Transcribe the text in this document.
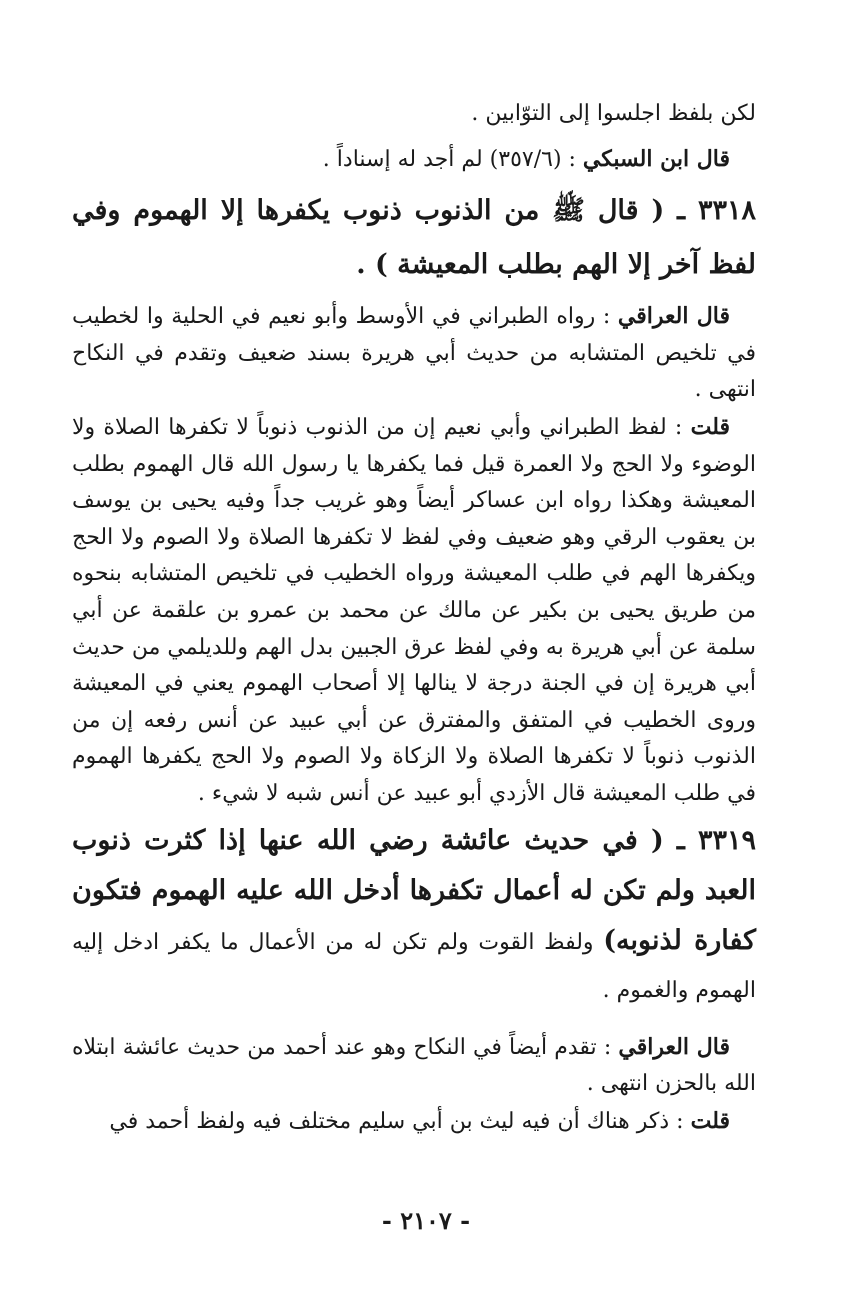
لكن بلفظ اجلسوا إلى التوّابين .

قال ابن السبكي : (٣٥٧/٦) لم أجد له إسناداً .

٣٣١٨ ـ ( قال ﷺ من الذنوب ذنوب يكفرها إلا الهموم وفي لفظ آخر إلا الهم بطلب المعيشة ) .

قال العراقي : رواه الطبراني في الأوسط وأبو نعيم في الحلية وا لخطيب في تلخيص المتشابه من حديث أبي هريرة بسند ضعيف وتقدم في النكاح انتهى .

قلت : لفظ الطبراني وأبي نعيم إن من الذنوب ذنوباً لا تكفرها الصلاة ولا الوضوء ولا الحج ولا العمرة قيل فما يكفرها يا رسول الله قال الهموم بطلب المعيشة وهكذا رواه ابن عساكر أيضاً وهو غريب جداً وفيه يحيى بن يوسف بن يعقوب الرقي وهو ضعيف وفي لفظ لا تكفرها الصلاة ولا الصوم ولا الحج ويكفرها الهم في طلب المعيشة ورواه الخطيب في تلخيص المتشابه بنحوه من طريق يحيى بن بكير عن مالك عن محمد بن عمرو بن علقمة عن أبي سلمة عن أبي هريرة به وفي لفظ عرق الجبين بدل الهم وللديلمي من حديث أبي هريرة إن في الجنة درجة لا ينالها إلا أصحاب الهموم يعني في المعيشة وروى الخطيب في المتفق والمفترق عن أبي عبيد عن أنس رفعه إن من الذنوب ذنوباً لا تكفرها الصلاة ولا الزكاة ولا الصوم ولا الحج يكفرها الهموم في طلب المعيشة قال الأزدي أبو عبيد عن أنس شبه لا شيء .

٣٣١٩ ـ ( في حديث عائشة رضي الله عنها إذا كثرت ذنوب العبد ولم تكن له أعمال تكفرها أدخل الله عليه الهموم فتكون كفارة لذنوبه) ولفظ القوت ولم تكن له من الأعمال ما يكفر ادخل إليه الهموم والغموم .

قال العراقي : تقدم أيضاً في النكاح وهو عند أحمد من حديث عائشة ابتلاه الله بالحزن انتهى .

قلت : ذكر هناك أن فيه ليث بن أبي سليم مختلف فيه ولفظ أحمد في

- ٢١٠٧ -
